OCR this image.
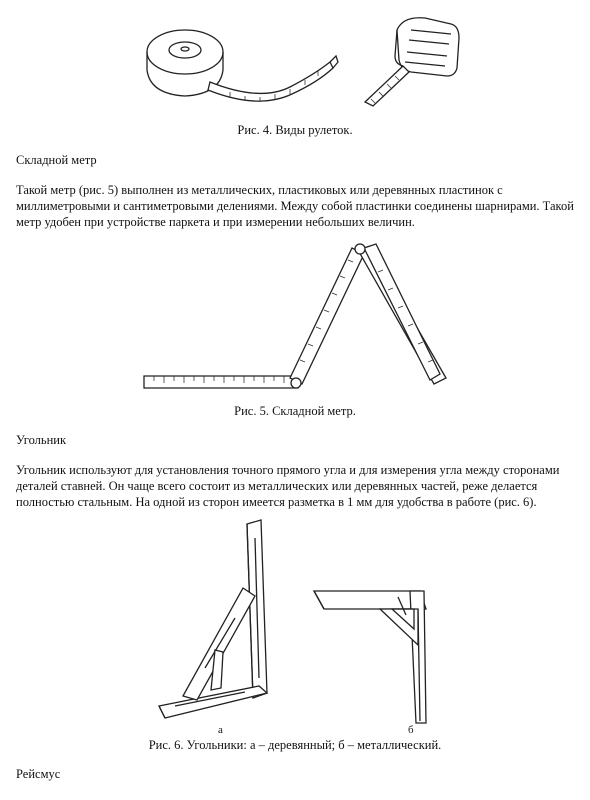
Рис. 4. Виды рулеток.
Складной метр
Такой метр (рис. 5) выполнен из металлических, пластиковых или деревянных пластинок с
миллиметровыми и сантиметровыми делениями. Между собой пластинки соединены шарнирами. Такой
метр удобен при устройстве паркета и при измерении небольших величин.
Рис. 5. Складной метр.
Угольник
Угольник используют для установления точного прямого угла и для измерения угла между сторонами
деталей ставней. Он чаще всего состоит из металлических или деревянных частей, реже делается
полностью стальным. На одной из сторон имеется разметка в 1 мм для удобства в работе (рис. 6).
а	б
Рис. 6. Угольники: а – деревянный; б – металлический.
Рейсмус
